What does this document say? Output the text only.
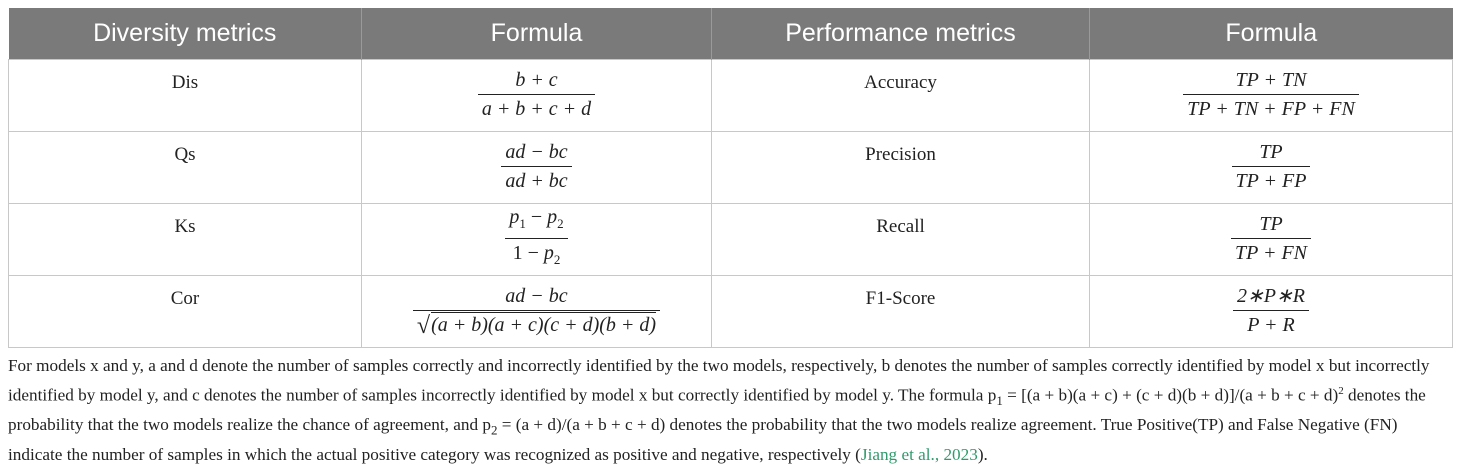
Diversity metrics	Formula	Performance metrics	Formula
Dis	$\frac{b + c}{a + b + c + d}$	Accuracy	$\frac{TP + TN}{TP + TN + FP + FN}$

Qs	$\frac{ad - bc}{ad + bc}$	Precision	$\frac{TP}{TP + FP}$

Ks	$\frac{p_1 - p_2}{1 - p_2}$	Recall	$\frac{TP}{TP + FN}$

Cor	$\frac{ad - bc}{√(a + b)(a + c)(c + d)(b + d)}$	F1-Score	$\frac{2∗P∗R}{P + R}$
For models x and y, a and d denote the number of samples correctly and incorrectly identified by the two models, respectively, b denotes the number of samples correctly identified by model x but incorrectly identified by model y, and c denotes the number of samples incorrectly identified by model x but correctly identified by model y. The formula $p_1 = [(a + b)(a + c) + (c + d)(b + d)]/(a + b + c + d)^2$ denotes the probability that the two models realize the chance of agreement, and $p_2 = (a + d)/(a + b + c + d)$ denotes the probability that the two models realize agreement. True Positive(TP) and False Negative (FN) indicate the number of samples in which the actual positive category was recognized as positive and negative, respectively (Jiang et al., 2023).
